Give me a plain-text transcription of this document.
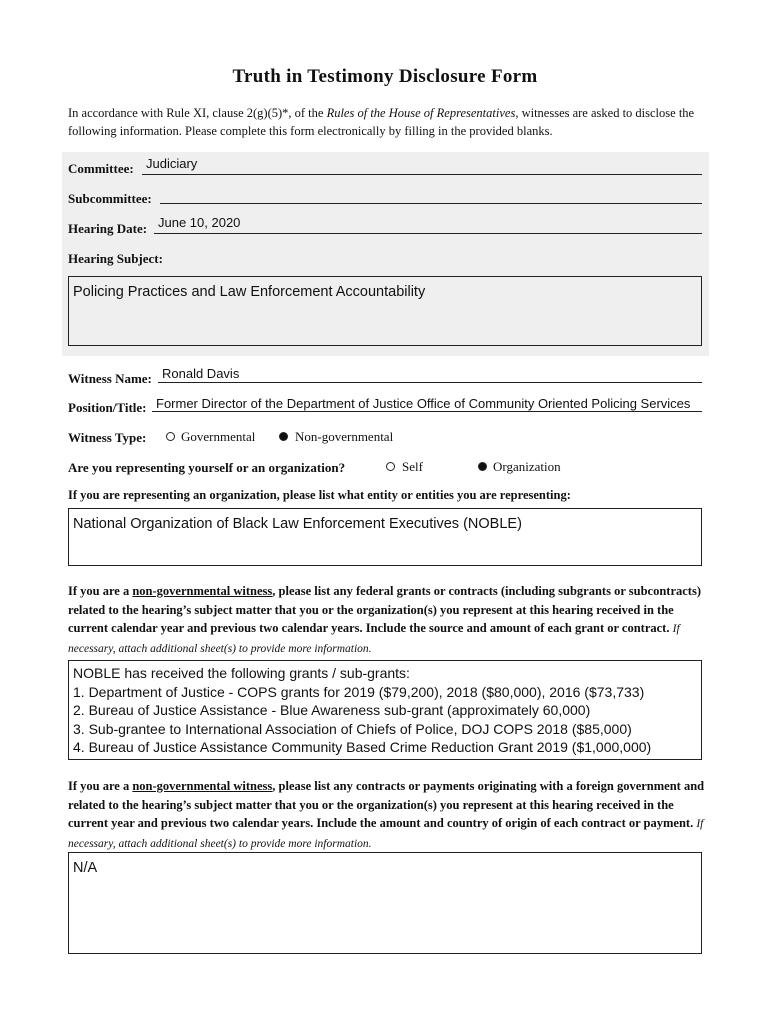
Truth in Testimony Disclosure Form
In accordance with Rule XI, clause 2(g)(5)*, of the Rules of the House of Representatives, witnesses are asked to disclose the following information. Please complete this form electronically by filling in the provided blanks.
Committee: Judiciary
Subcommittee:
Hearing Date: June 10, 2020
Hearing Subject:
Policing Practices and Law Enforcement Accountability
Witness Name: Ronald Davis
Position/Title: Former Director of the Department of Justice Office of Community Oriented Policing Services
Witness Type:	Governmental	Non-governmental
Are you representing yourself or an organization?	Self	Organization
If you are representing an organization, please list what entity or entities you are representing:
National Organization of Black Law Enforcement Executives (NOBLE)
If you are a non-governmental witness, please list any federal grants or contracts (including subgrants or subcontracts) related to the hearing’s subject matter that you or the organization(s) you represent at this hearing received in the current calendar year and previous two calendar years. Include the source and amount of each grant or contract. If necessary, attach additional sheet(s) to provide more information.
NOBLE has received the following grants / sub-grants:
1. Department of Justice - COPS grants for 2019 ($79,200), 2018 ($80,000), 2016 ($73,733)
2. Bureau of Justice Assistance - Blue Awareness sub-grant (approximately 60,000)
3. Sub-grantee to International Association of Chiefs of Police, DOJ COPS 2018 ($85,000)
4. Bureau of Justice Assistance Community Based Crime Reduction Grant 2019 ($1,000,000)
If you are a non-governmental witness, please list any contracts or payments originating with a foreign government and related to the hearing’s subject matter that you or the organization(s) you represent at this hearing received in the current year and previous two calendar years. Include the amount and country of origin of each contract or payment. If necessary, attach additional sheet(s) to provide more information.
N/A
